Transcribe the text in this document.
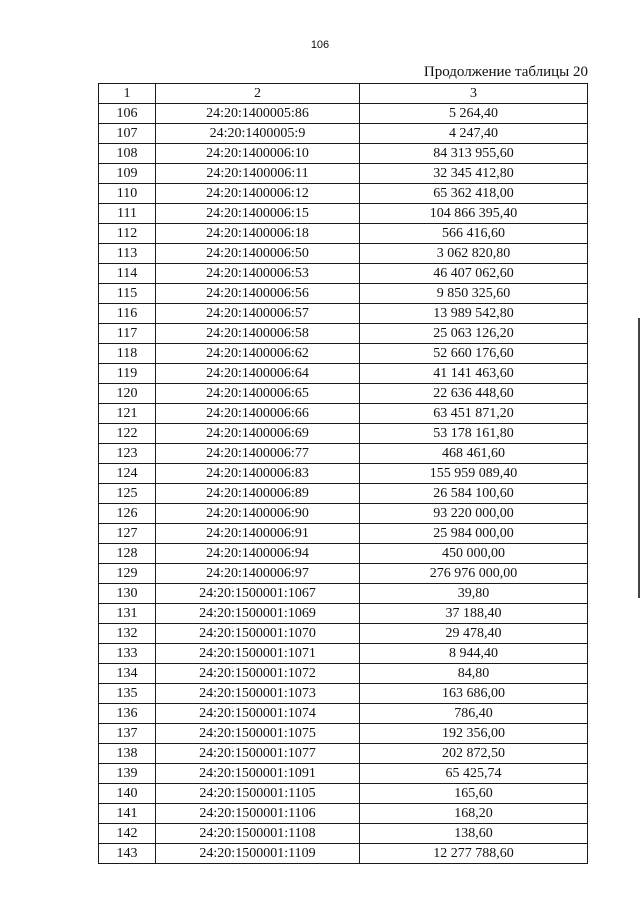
106
Продолжение таблицы 20
1	2	3
106	24:20:1400005:86	5 264,40
107	24:20:1400005:9	4 247,40
108	24:20:1400006:10	84 313 955,60
109	24:20:1400006:11	32 345 412,80
110	24:20:1400006:12	65 362 418,00
111	24:20:1400006:15	104 866 395,40
112	24:20:1400006:18	566 416,60
113	24:20:1400006:50	3 062 820,80
114	24:20:1400006:53	46 407 062,60
115	24:20:1400006:56	9 850 325,60
116	24:20:1400006:57	13 989 542,80
117	24:20:1400006:58	25 063 126,20
118	24:20:1400006:62	52 660 176,60
119	24:20:1400006:64	41 141 463,60
120	24:20:1400006:65	22 636 448,60
121	24:20:1400006:66	63 451 871,20
122	24:20:1400006:69	53 178 161,80
123	24:20:1400006:77	468 461,60
124	24:20:1400006:83	155 959 089,40
125	24:20:1400006:89	26 584 100,60
126	24:20:1400006:90	93 220 000,00
127	24:20:1400006:91	25 984 000,00
128	24:20:1400006:94	450 000,00
129	24:20:1400006:97	276 976 000,00
130	24:20:1500001:1067	39,80
131	24:20:1500001:1069	37 188,40
132	24:20:1500001:1070	29 478,40
133	24:20:1500001:1071	8 944,40
134	24:20:1500001:1072	84,80
135	24:20:1500001:1073	163 686,00
136	24:20:1500001:1074	786,40
137	24:20:1500001:1075	192 356,00
138	24:20:1500001:1077	202 872,50
139	24:20:1500001:1091	65 425,74
140	24:20:1500001:1105	165,60
141	24:20:1500001:1106	168,20
142	24:20:1500001:1108	138,60
143	24:20:1500001:1109	12 277 788,60
